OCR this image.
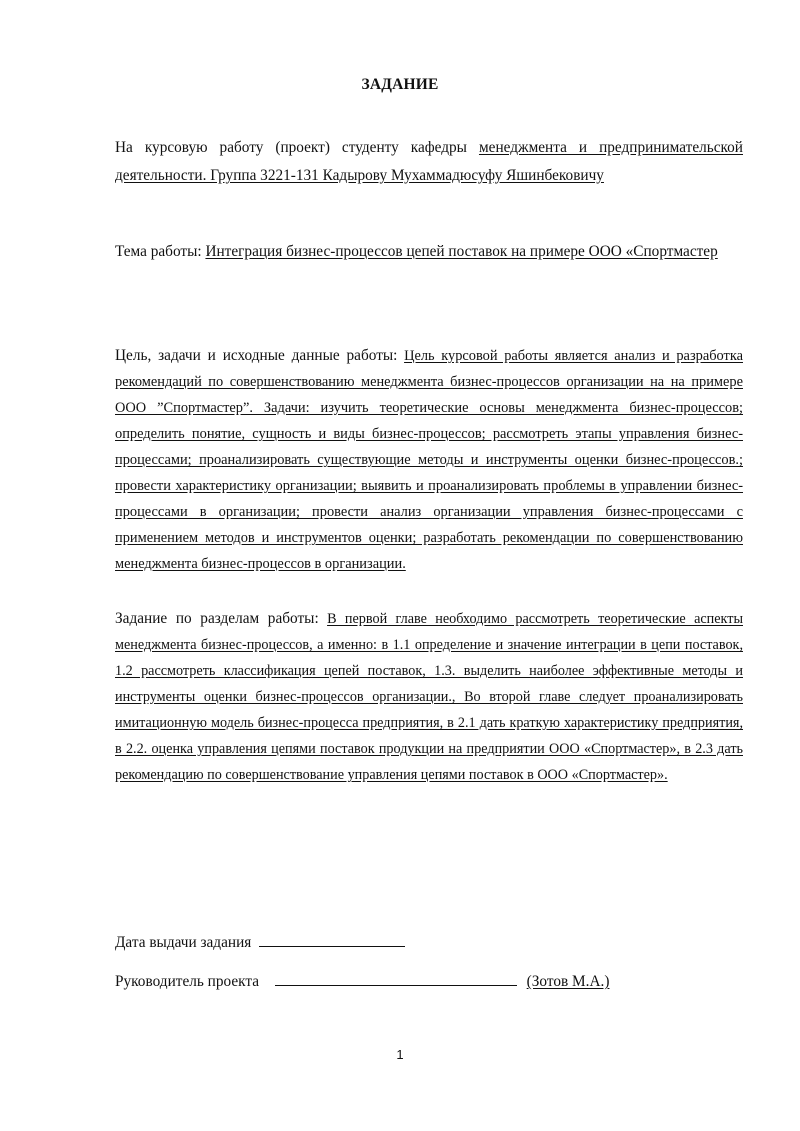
ЗАДАНИЕ
На курсовую работу (проект) студенту кафедры менеджмента и предпринимательской деятельности. Группа 3221-131 Кадырову Мухаммадюсуфу Яшинбековичу
Тема работы: Интеграция бизнес-процессов цепей поставок на примере ООО «Спортмастер
Цель, задачи и исходные данные работы: Цель курсовой работы является анализ и разработка рекомендаций по совершенствованию менеджмента бизнес-процессов организации на на примере ООО ”Спортмастер”. Задачи: изучить теоретические основы менеджмента бизнес-процессов; определить понятие, сущность и виды бизнес-процессов; рассмотреть этапы управления бизнес-процессами; проанализировать существующие методы и инструменты оценки бизнес-процессов.; провести характеристику организации; выявить и проанализировать проблемы в управлении бизнес-процессами в организации; провести анализ организации управления бизнес-процессами с применением методов и инструментов оценки; разработать рекомендации по совершенствованию менеджмента бизнес-процессов в организации.
Задание по разделам работы: В первой главе необходимо рассмотреть теоретические аспекты менеджмента бизнес-процессов, а именно: в 1.1 определение и значение интеграции в цепи поставок, 1.2 рассмотреть классификация цепей поставок, 1.3. выделить наиболее эффективные методы и инструменты оценки бизнес-процессов организации., Во второй главе следует проанализировать имитационную модель бизнес-процесса предприятия, в 2.1 дать краткую характеристику предприятия, в 2.2. оценка управления цепями поставок продукции на предприятии ООО «Спортмастер», в 2.3 дать рекомендацию по совершенствование управления цепями поставок в ООО «Спортмастер».
Дата выдачи задания
Руководитель проекта	(Зотов М.А.)
1
